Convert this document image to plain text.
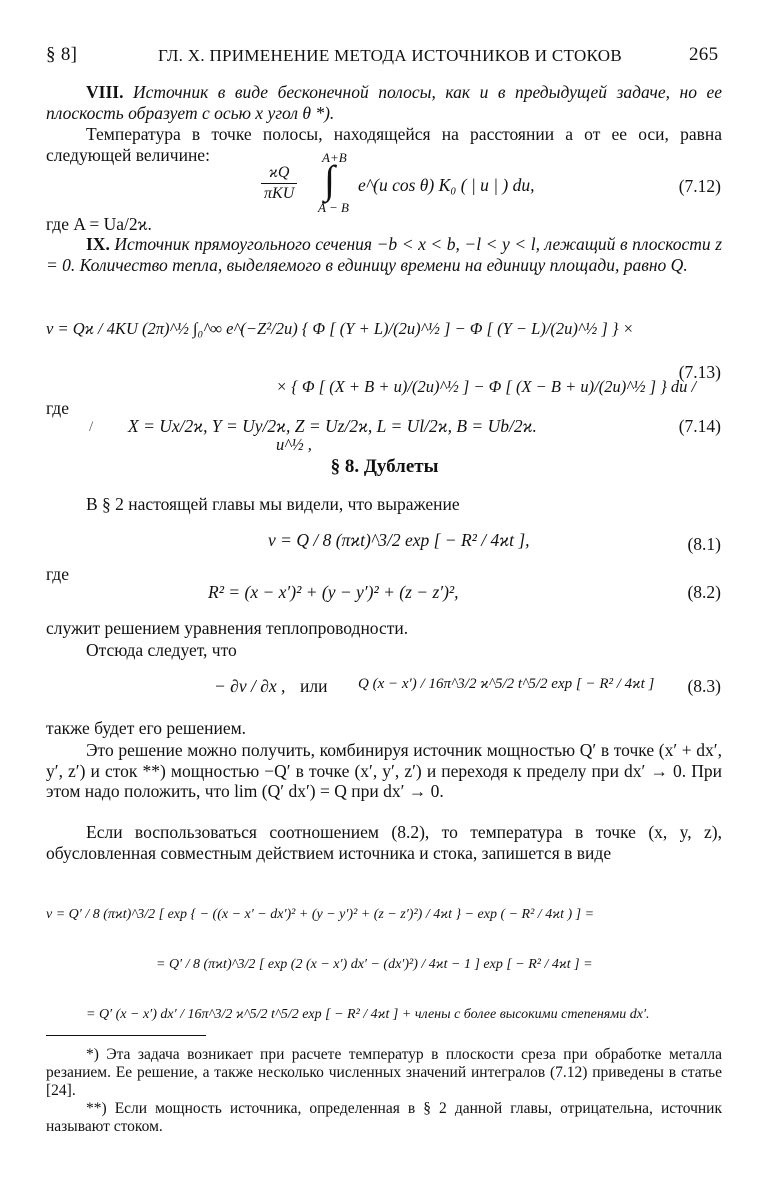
§ 8]	ГЛ. X. ПРИМЕНЕНИЕ МЕТОДА ИСТОЧНИКОВ И СТОКОВ	265
VIII. Источник в виде бесконечной полосы, как и в предыдущей задаче, но ее плоскость образует с осью x угол θ *).
Температура в точке полосы, находящейся на расстоянии a от ее оси, равна следующей величине:	A+B
ϰQ
πKU ∫ e^(u cos θ) K₀ ( | u | ) du,
A − B
(7.12)
где A = Ua/2ϰ.
IX. Источник прямоугольного сечения −b < x < b, −l < y < l, лежащий в плоскости z = 0. Количество тепла, выделяемого в единицу времени на единицу площади, равно Q.
v = Qϰ / 4KU (2π)^½ ∫₀^∞ e^(−Z²/2u) { Φ [ (Y + L)/(2u)^½ ] − Φ [ (Y − L)/(2u)^½ ] } ×
× { Φ [ (X + B + u)/(2u)^½ ] − Φ [ (X − B + u)/(2u)^½ ] } du / u^½ ,
(7.13)
где
/ X = Ux/2ϰ, Y = Uy/2ϰ, Z = Uz/2ϰ, L = Ul/2ϰ, B = Ub/2ϰ.	(7.14)
§ 8. Дублеты
В § 2 настоящей главы мы видели, что выражение
v = Q / 8 (πϰt)^3/2 exp [ − R² / 4ϰt ],	(8.1)
где
R² = (x − x′)² + (y − y′)² + (z − z′)²,	(8.2)
служит решением уравнения теплопроводности.
Отсюда следует, что
− ∂v / ∂x , или Q (x − x′) / 16π^3/2 ϰ^5/2 t^5/2 exp [ − R² / 4ϰt ] (8.3)
также будет его решением.
Это решение можно получить, комбинируя источник мощностью Q′ в точке (x′ + dx′, y′, z′) и сток **) мощностью −Q′ в точке (x′, y′, z′) и переходя к пределу при dx′ → 0. При этом надо положить, что lim (Q′ dx′) = Q при dx′ → 0.
Если воспользоваться соотношением (8.2), то температура в точке (x, y, z), обусловленная совместным действием источника и стока, запишется в виде
v = Q′ / 8 (πϰt)^3/2 [ exp { − ((x − x′ − dx′)² + (y − y′)² + (z − z′)²) / 4ϰt } − exp ( − R² / 4ϰt ) ] =
= Q′ / 8 (πϰt)^3/2 [ exp (2 (x − x′) dx′ − (dx′)²) / 4ϰt − 1 ] exp [ − R² / 4ϰt ] =
= Q′ (x − x′) dx′ / 16π^3/2 ϰ^5/2 t^5/2 exp [ − R² / 4ϰt ] + члены с более высокими степенями dx′.
*) Эта задача возникает при расчете температур в плоскости среза при обработке металла резанием. Ее решение, а также несколько численных значений интегралов (7.12) приведены в статье [24].
**) Если мощность источника, определенная в § 2 данной главы, отрицательна, источник называют стоком.
